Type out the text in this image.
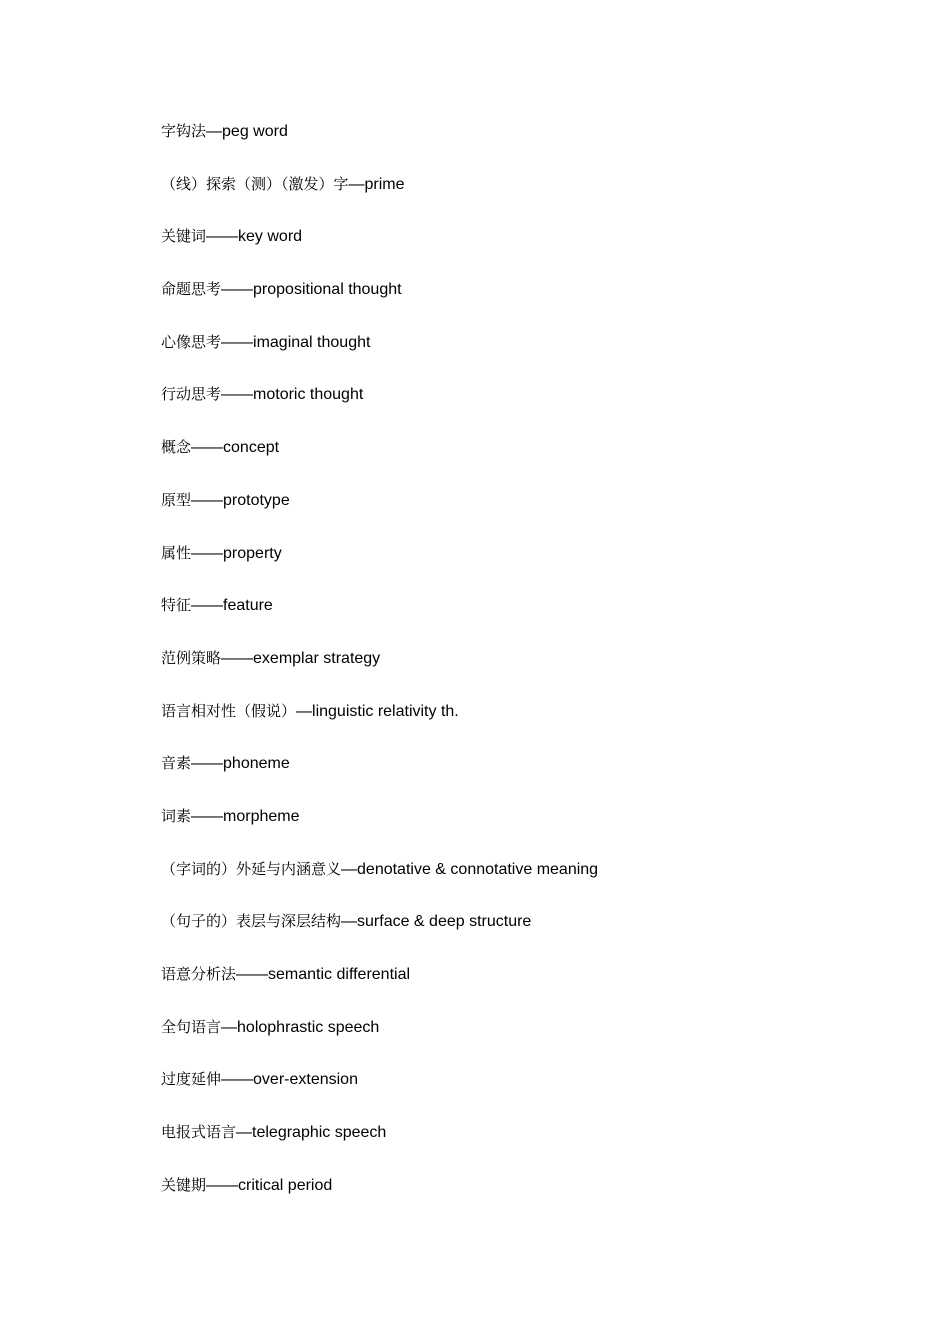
字钩法—peg word
（线）探索（测）（激发）字—prime
关键词——key word
命题思考——propositional thought
心像思考——imaginal thought
行动思考——motoric thought
概念——concept
原型——prototype
属性——property
特征——feature
范例策略——exemplar strategy
语言相对性（假说）—linguistic relativity th.
音素——phoneme
词素——morpheme
（字词的）外延与内涵意义—denotative & connotative meaning
（句子的）表层与深层结构—surface & deep structure
语意分析法——semantic differential
全句语言—holophrastic speech
过度延伸——over-extension
电报式语言—telegraphic speech
关键期——critical period
